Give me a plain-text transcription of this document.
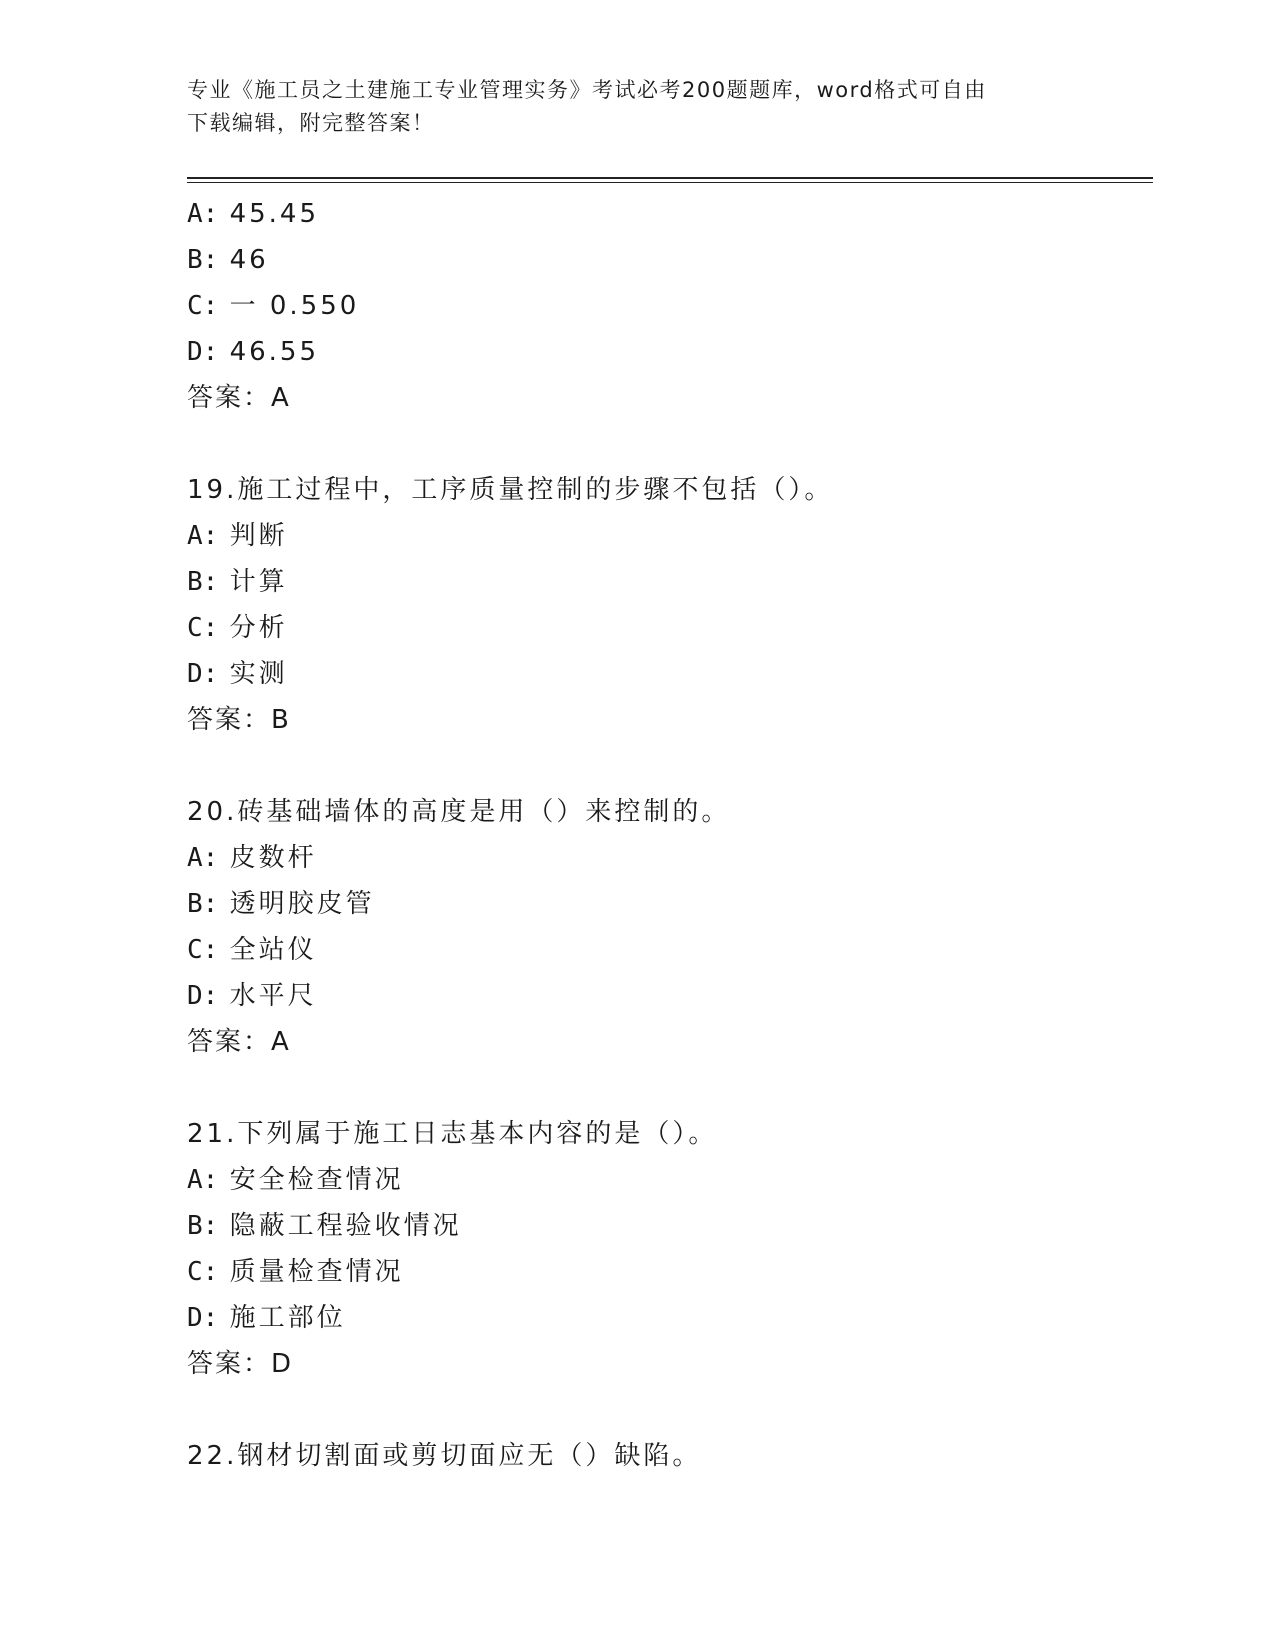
专业《施工员之土建施工专业管理实务》考试必考200题题库，word格式可自由
下载编辑，附完整答案！
A: 45.45
B: 46
C: 一 0.550
D: 46.55
答案：A
19.施工过程中，工序质量控制的步骤不包括（）。
A: 判断
B: 计算
C: 分析
D: 实测
答案：B
20.砖基础墙体的高度是用（）来控制的。
A: 皮数杆
B: 透明胶皮管
C: 全站仪
D: 水平尺
答案：A
21.下列属于施工日志基本内容的是（）。
A: 安全检查情况
B: 隐蔽工程验收情况
C: 质量检查情况
D: 施工部位
答案：D
22.钢材切割面或剪切面应无（）缺陷。
